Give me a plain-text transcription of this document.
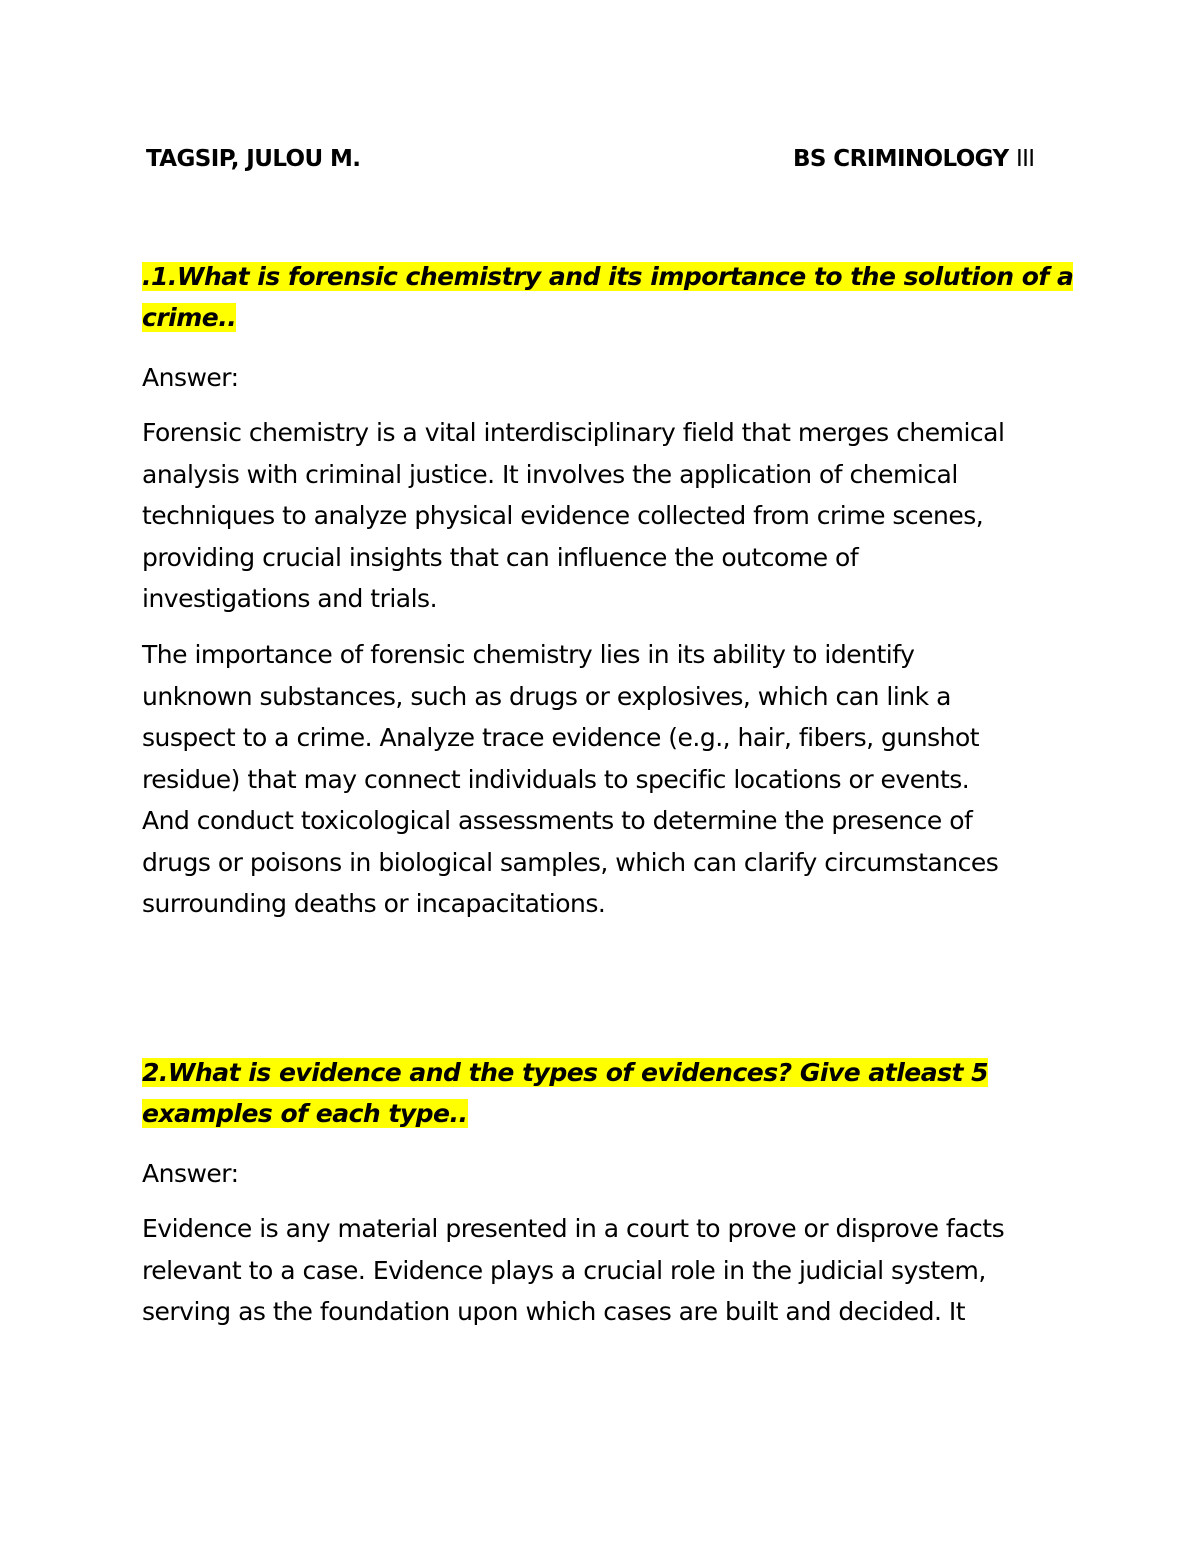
TAGSIP, JULOU M.	BS CRIMINOLOGY III
.1.What is forensic chemistry and its importance to the solution of a
crime..
Answer:
Forensic chemistry is a vital interdisciplinary field that merges chemical
analysis with criminal justice. It involves the application of chemical
techniques to analyze physical evidence collected from crime scenes,
providing crucial insights that can influence the outcome of
investigations and trials.
The importance of forensic chemistry lies in its ability to identify
unknown substances, such as drugs or explosives, which can link a
suspect to a crime. Analyze trace evidence (e.g., hair, fibers, gunshot
residue) that may connect individuals to specific locations or events.
And conduct toxicological assessments to determine the presence of
drugs or poisons in biological samples, which can clarify circumstances
surrounding deaths or incapacitations.
2.What is evidence and the types of evidences? Give atleast 5
examples of each type..
Answer:
Evidence is any material presented in a court to prove or disprove facts
relevant to a case. Evidence plays a crucial role in the judicial system,
serving as the foundation upon which cases are built and decided. It
